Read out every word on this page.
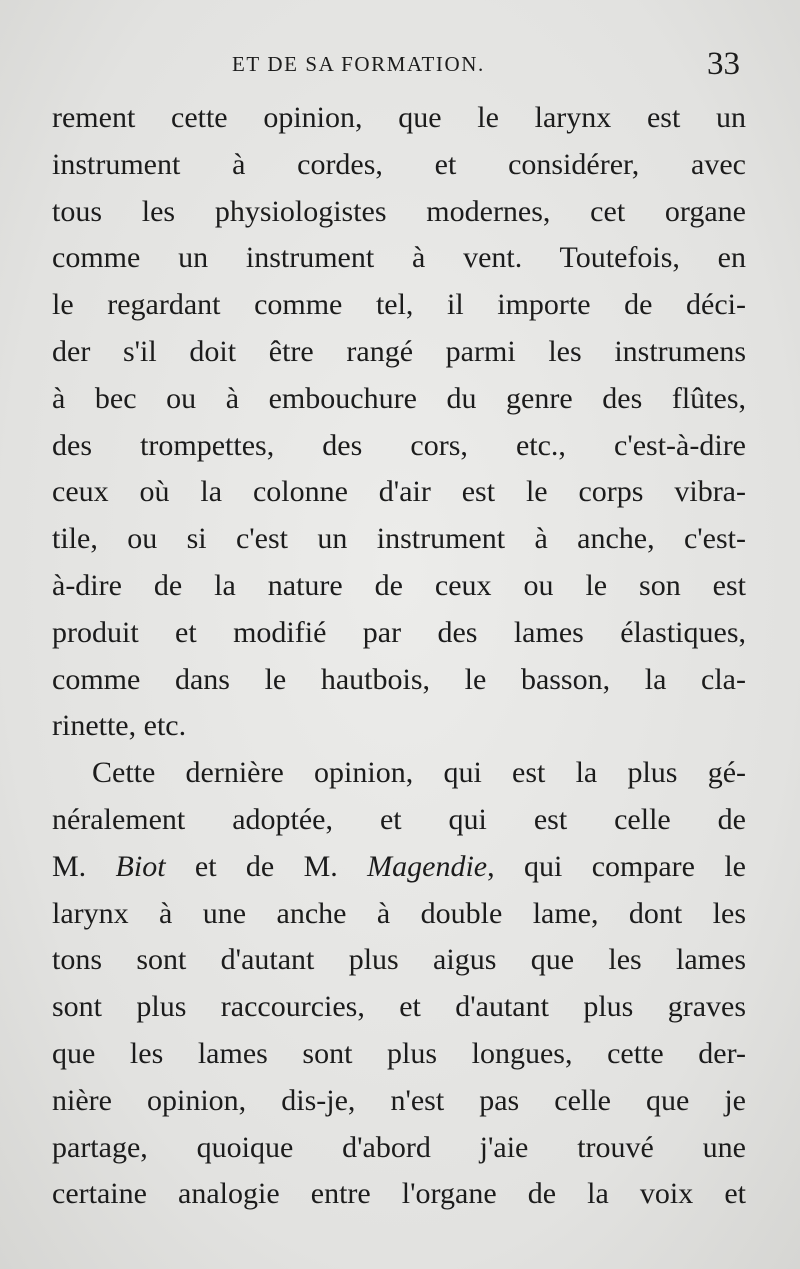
ET DE SA FORMATION.	33
rement cette opinion, que le larynx est un
instrument à cordes, et considérer, avec
tous les physiologistes modernes, cet organe
comme un instrument à vent. Toutefois, en
le regardant comme tel, il importe de déci-
der s'il doit être rangé parmi les instrumens
à bec ou à embouchure du genre des flûtes,
des trompettes, des cors, etc., c'est-à-dire
ceux où la colonne d'air est le corps vibra-
tile, ou si c'est un instrument à anche, c'est-
à-dire de la nature de ceux ou le son est
produit et modifié par des lames élastiques,
comme dans le hautbois, le basson, la cla-
rinette, etc.
Cette dernière opinion, qui est la plus gé-
néralement adoptée, et qui est celle de
M. Biot et de M. Magendie, qui compare le
larynx à une anche à double lame, dont les
tons sont d'autant plus aigus que les lames
sont plus raccourcies, et d'autant plus graves
que les lames sont plus longues, cette der-
nière opinion, dis-je, n'est pas celle que je
partage, quoique d'abord j'aie trouvé une
certaine analogie entre l'organe de la voix et
